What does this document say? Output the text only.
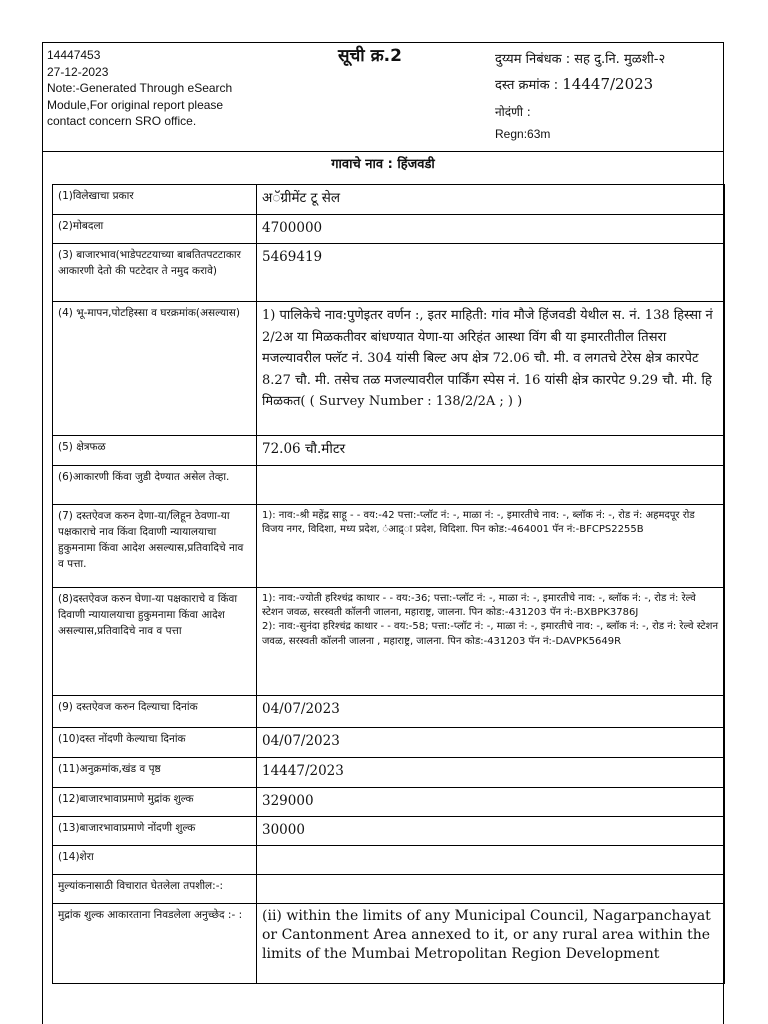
14447453
27-12-2023
Note:-Generated Through eSearch
Module,For original report please
contact concern SRO office.
सूची क्र.2	दुय्यम निबंधक : सह दु.नि. मुळशी-२
दस्त क्रमांक : 14447/2023
नोदंणी :
Regn:63m
गावाचे नाव : हिंजवडी
(1)विलेखाचा प्रकार	अॅग्रीमेंट टू सेल
(2)मोबदला	4700000
(3) बाजारभाव(भाडेपटटयाच्या बाबतितपटटाकार आकारणी देतो की पटटेदार ते नमुद करावे)	5469419
(4) भू-मापन,पोटहिस्सा व घरक्रमांक(असल्यास)	1) पालिकेचे नाव:पुणेइतर वर्णन :, इतर माहिती: गांव मौजे हिंजवडी येथील स. नं. 138 हिस्सा नं 2/2अ या मिळकतीवर बांधण्यात येणा-या अरिहंत आस्था विंग बी या इमारतीतील तिसरा मजल्यावरील फ्लॅट नं. 304 यांसी बिल्ट अप क्षेत्र 72.06 चौ. मी. व लगतचे टेरेस क्षेत्र कारपेट 8.27 चौ. मी. तसेच तळ मजल्यावरील पार्किंग स्पेस नं. 16 यांसी क्षेत्र कारपेट 9.29 चौ. मी. हि मिळकत( ( Survey Number : 138/2/2A ; ) )
(5) क्षेत्रफळ	72.06 चौ.मीटर
(6)आकारणी किंवा जुडी देण्यात असेल तेव्हा.	
(7) दस्तऐवज करुन देणा-या/लिहून ठेवणा-या पक्षकाराचे नाव किंवा दिवाणी न्यायालयाचा हुकुमनामा किंवा आदेश असल्यास,प्रतिवादिचे नाव व पत्ता.	1): नाव:-श्री महेंद्र साहू - - वय:-42 पत्ता:-प्लॉट नं: -, माळा नं: -, इमारतीचे नाव: -, ब्लॉक नं: -, रोड नं: अहमदपूर रोड विजय नगर, विदिशा, मध्य प्रदेश, ंआद्र्ा प्रदेश, विदिशा. पिन कोड:-464001 पॅन नं:-BFCPS2255B
(8)दस्तऐवज करुन घेणा-या पक्षकाराचे व किंवा दिवाणी न्यायालयाचा हुकुमनामा किंवा आदेश असल्यास,प्रतिवादिचे नाव व पत्ता	1): नाव:-ज्योती हरिश्चंद्र काथार - - वय:-36; पत्ता:-प्लॉट नं: -, माळा नं: -, इमारतीचे नाव: -, ब्लॉक नं: -, रोड नं: रेल्वे स्टेशन जवळ, सरस्वती कॉलनी जालना, महाराष्ट्र, जालना. पिन कोड:-431203 पॅन नं:-BXBPK3786J
2): नाव:-सुनंदा हरिश्चंद्र काथार - - वय:-58; पत्ता:-प्लॉट नं: -, माळा नं: -, इमारतीचे नाव: -, ब्लॉक नं: -, रोड नं: रेल्वे स्टेशन जवळ, सरस्वती कॉलनी जालना , महाराष्ट्र, जालना. पिन कोड:-431203 पॅन नं:-DAVPK5649R
(9) दस्तऐवज करुन दिल्याचा दिनांक	04/07/2023
(10)दस्त नोंदणी केल्याचा दिनांक	04/07/2023
(11)अनुक्रमांक,खंड व पृष्ठ	14447/2023
(12)बाजारभावाप्रमाणे मुद्रांक शुल्क	329000
(13)बाजारभावाप्रमाणे नोंदणी शुल्क	30000
(14)शेरा	
मुल्यांकनासाठी विचारात घेतलेला तपशील:-:	
मुद्रांक शुल्क आकारताना निवडलेला अनुच्छेद :- :	(ii) within the limits of any Municipal Council, Nagarpanchayat or Cantonment Area annexed to it, or any rural area within the limits of the Mumbai Metropolitan Region Development
